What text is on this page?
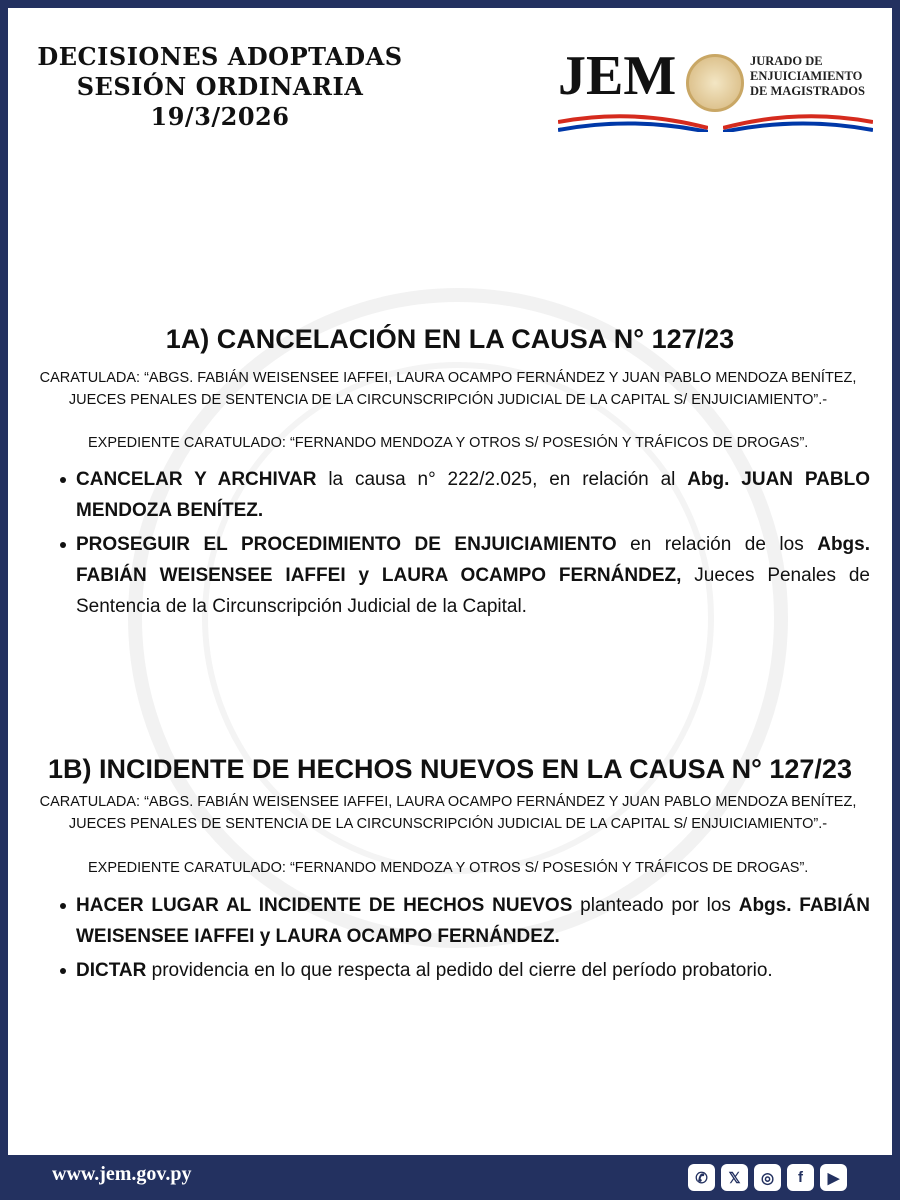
DECISIONES ADOPTADAS
SESIÓN ORDINARIA
19/3/2026
JEM	JURADO DE
ENJUICIAMIENTO
DE MAGISTRADOS
1A) CANCELACIÓN EN LA CAUSA N° 127/23
CARATULADA: “ABGS. FABIÁN WEISENSEE IAFFEI, LAURA OCAMPO FERNÁNDEZ Y JUAN PABLO MENDOZA BENÍTEZ, JUECES PENALES DE SENTENCIA DE LA CIRCUNSCRIPCIÓN JUDICIAL DE LA CAPITAL S/ ENJUICIAMIENTO”.-
EXPEDIENTE CARATULADO: “FERNANDO MENDOZA Y OTROS S/ POSESIÓN Y TRÁFICOS DE DROGAS”.
CANCELAR Y ARCHIVAR la causa n° 222/2.025, en relación al Abg. JUAN PABLO MENDOZA BENÍTEZ.
PROSEGUIR EL PROCEDIMIENTO DE ENJUICIAMIENTO en relación de los Abgs. FABIÁN WEISENSEE IAFFEI y LAURA OCAMPO FERNÁNDEZ, Jueces Penales de Sentencia de la Circunscripción Judicial de la Capital.
1B) INCIDENTE DE HECHOS NUEVOS EN LA CAUSA N° 127/23
CARATULADA: “ABGS. FABIÁN WEISENSEE IAFFEI, LAURA OCAMPO FERNÁNDEZ Y JUAN PABLO MENDOZA BENÍTEZ, JUECES PENALES DE SENTENCIA DE LA CIRCUNSCRIPCIÓN JUDICIAL DE LA CAPITAL S/ ENJUICIAMIENTO”.-
EXPEDIENTE CARATULADO: “FERNANDO MENDOZA Y OTROS S/ POSESIÓN Y TRÁFICOS DE DROGAS”.
HACER LUGAR AL INCIDENTE DE HECHOS NUEVOS planteado por los Abgs. FABIÁN WEISENSEE IAFFEI y LAURA OCAMPO FERNÁNDEZ.
DICTAR providencia en lo que respecta al pedido del cierre del período probatorio.
www.jem.gov.py	✆	𝕏	◎	f	▶
